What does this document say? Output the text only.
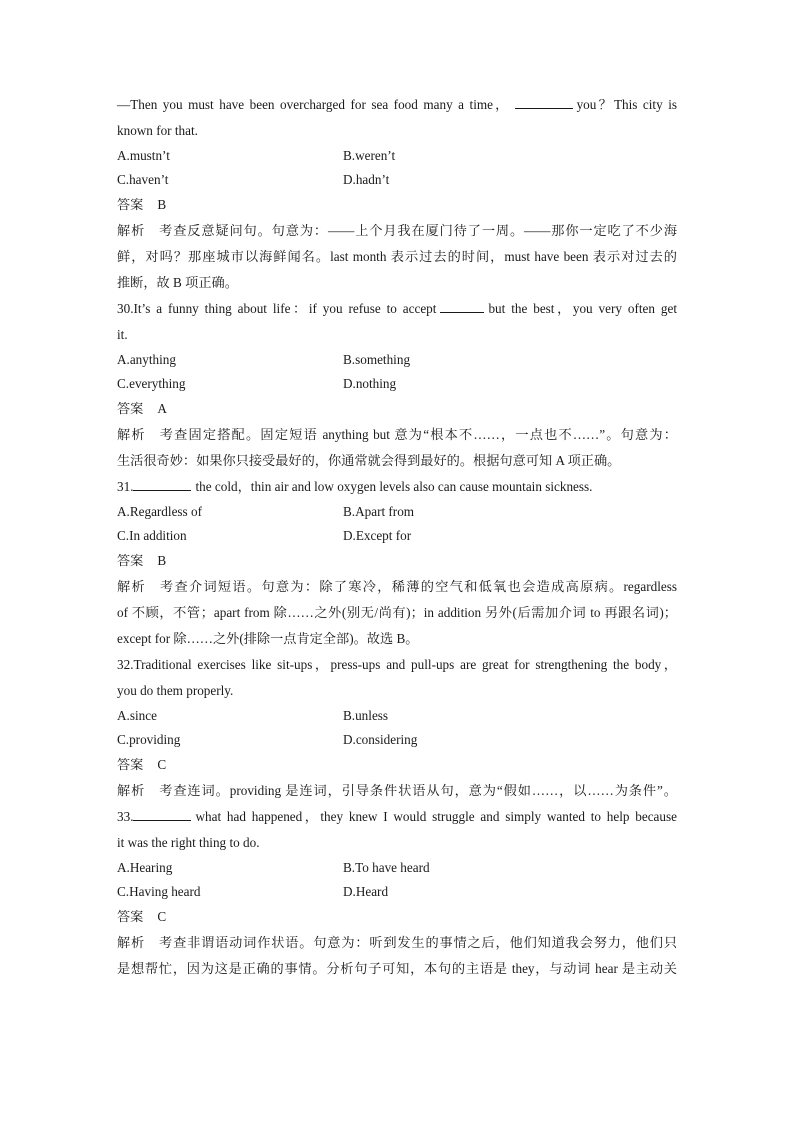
—Then you must have been overcharged for sea food many a time，	you？This city is
known for that.
A.mustn’t	B.weren’t
C.haven’t	D.hadn’t
答案 B
解析 考查反意疑问句。句意为：——上个月我在厦门待了一周。——那你一定吃了不少海
鲜，对吗？那座城市以海鲜闻名。last month 表示过去的时间，must have been 表示对过去的
推断，故 B 项正确。
30.It’s a funny thing about life：if you refuse to accept	but the best，you very often get
it.
A.anything	B.something
C.everything	D.nothing
答案 A
解析 考查固定搭配。固定短语 anything but 意为“根本不……，一点也不……”。句意为：
生活很奇妙：如果你只接受最好的，你通常就会得到最好的。根据句意可知 A 项正确。
31.	the cold，thin air and low oxygen levels also can cause mountain sickness.
A.Regardless of	B.Apart from
C.In addition	D.Except for
答案 B
解析 考查介词短语。句意为：除了寒冷，稀薄的空气和低氧也会造成高原病。regardless
of 不顾，不管；apart from 除……之外(别无/尚有)；in addition 另外(后需加介词 to 再跟名词)；
except for 除……之外(排除一点肯定全部)。故选 B。
32.Traditional exercises like sit-ups，press-ups and pull-ups are great for strengthening the body，
you do them properly.
A.since	B.unless
C.providing	D.considering
答案 C
解析 考查连词。providing 是连词，引导条件状语从句，意为“假如……，以……为条件”。
33.	what had happened，they knew I would struggle and simply wanted to help because
it was the right thing to do.
A.Hearing	B.To have heard
C.Having heard	D.Heard
答案 C
解析 考查非谓语动词作状语。句意为：听到发生的事情之后，他们知道我会努力，他们只
是想帮忙，因为这是正确的事情。分析句子可知，本句的主语是 they，与动词 hear 是主动关
